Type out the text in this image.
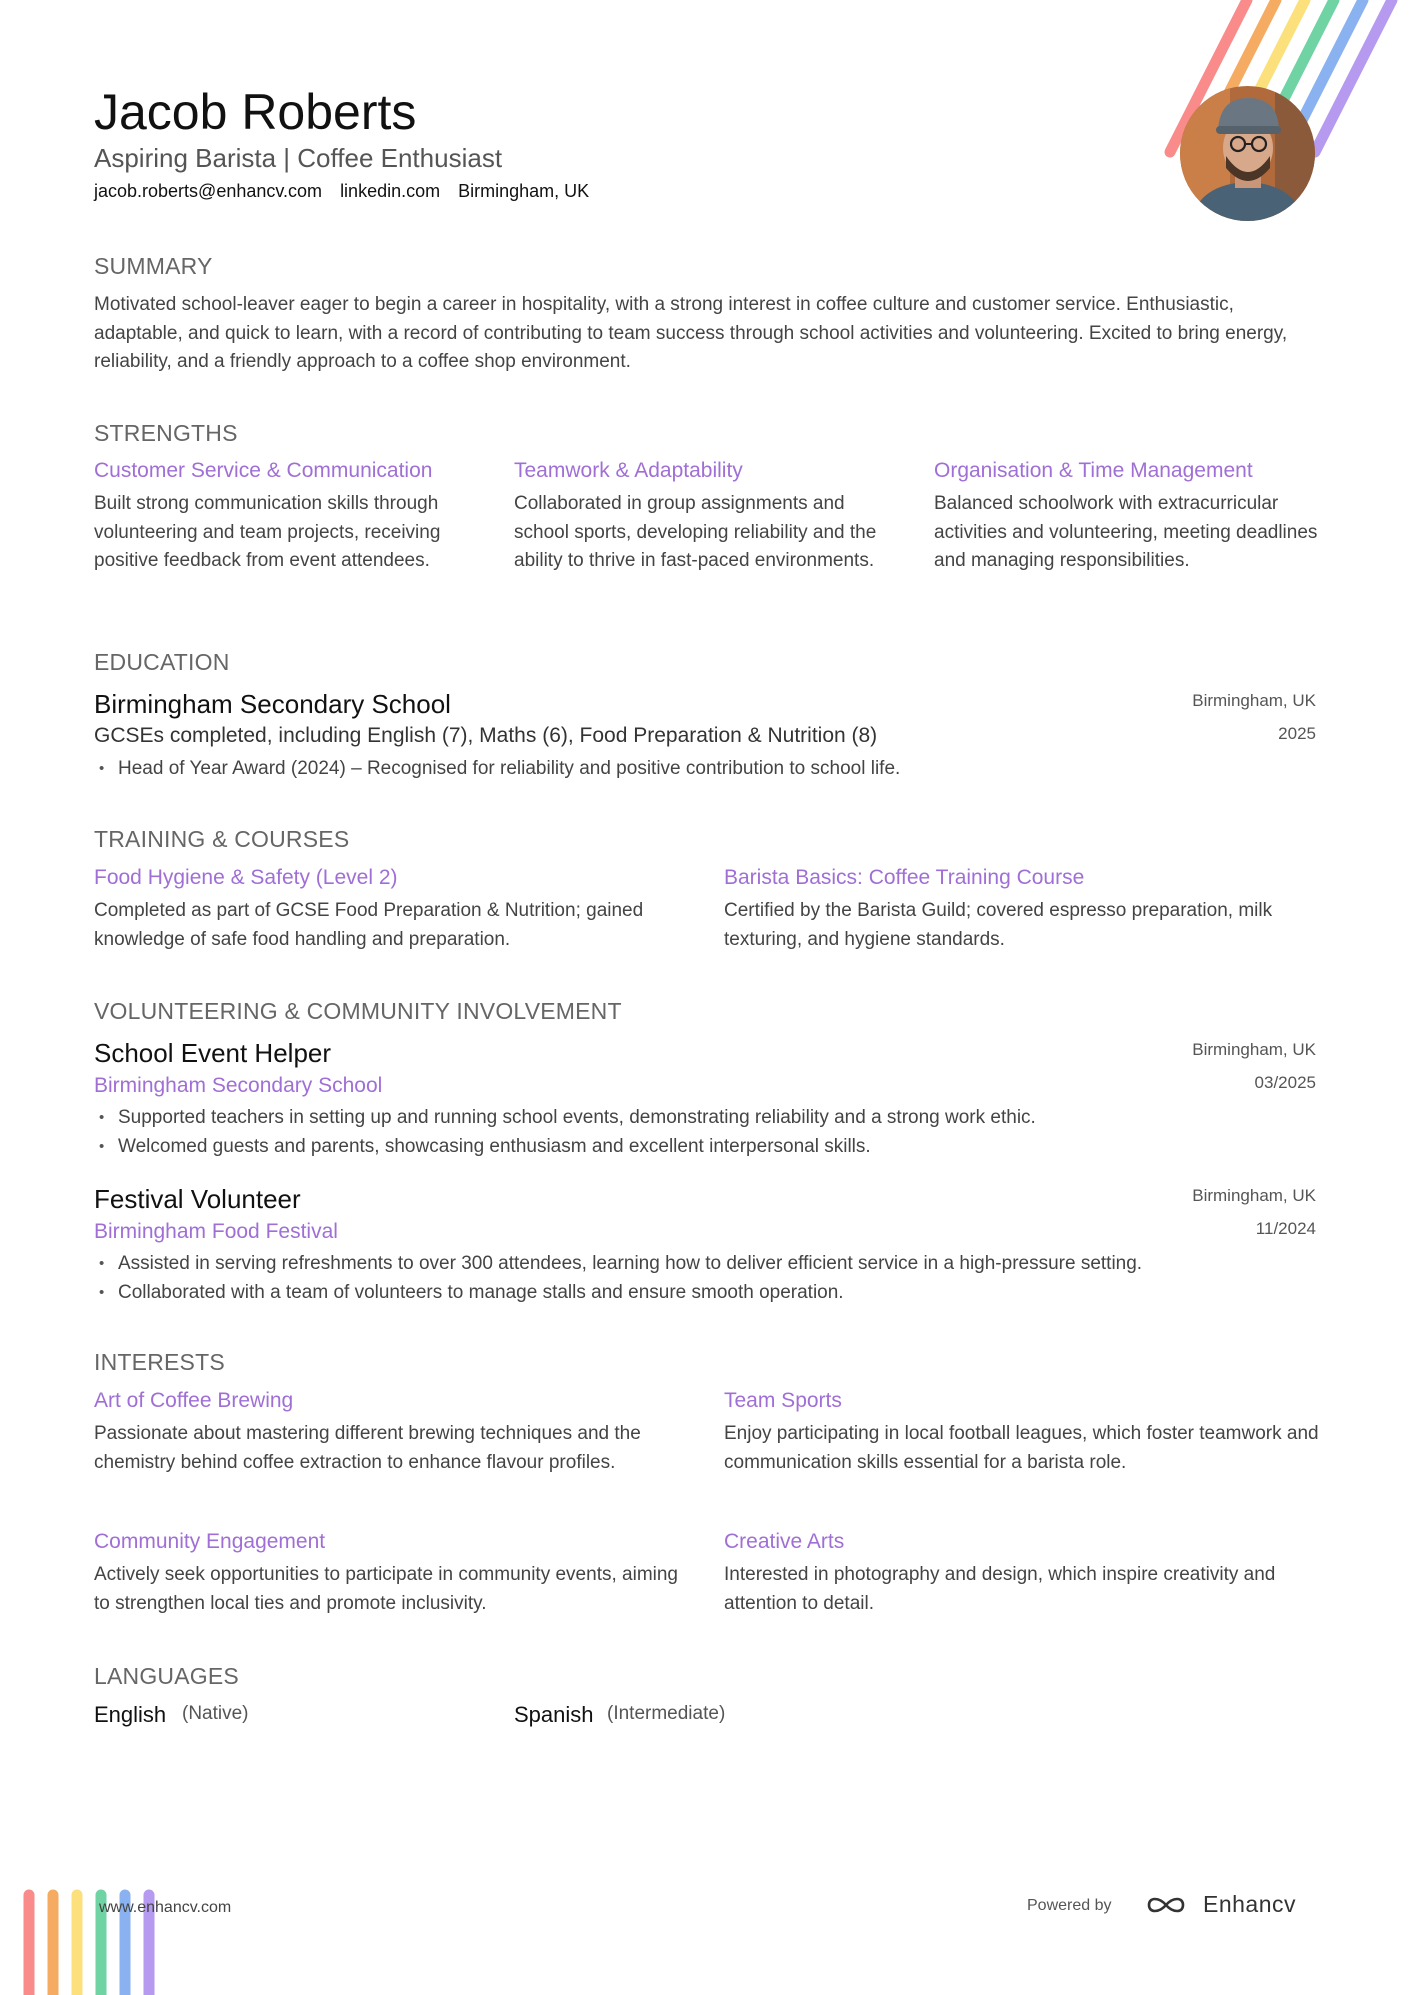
Jacob Roberts
Aspiring Barista | Coffee Enthusiast
jacob.roberts@enhancv.com linkedin.com Birmingham, UK
SUMMARY
Motivated school-leaver eager to begin a career in hospitality, with a strong interest in coffee culture and customer service. Enthusiastic, adaptable, and quick to learn, with a record of contributing to team success through school activities and volunteering. Excited to bring energy, reliability, and a friendly approach to a coffee shop environment.
STRENGTHS
Customer Service & Communication
Built strong communication skills through volunteering and team projects, receiving positive feedback from event attendees.
Teamwork & Adaptability
Collaborated in group assignments and school sports, developing reliability and the ability to thrive in fast-paced environments.
Organisation & Time Management
Balanced schoolwork with extracurricular activities and volunteering, meeting deadlines and managing responsibilities.
EDUCATION
Birmingham Secondary School
GCSEs completed, including English (7), Maths (6), Food Preparation & Nutrition (8)
Birmingham, UK
2025
• Head of Year Award (2024) – Recognised for reliability and positive contribution to school life.
TRAINING & COURSES
Food Hygiene & Safety (Level 2)
Completed as part of GCSE Food Preparation & Nutrition; gained knowledge of safe food handling and preparation.
Barista Basics: Coffee Training Course
Certified by the Barista Guild; covered espresso preparation, milk texturing, and hygiene standards.
VOLUNTEERING & COMMUNITY INVOLVEMENT
School Event Helper
Birmingham Secondary School
Birmingham, UK
03/2025
• Supported teachers in setting up and running school events, demonstrating reliability and a strong work ethic.
• Welcomed guests and parents, showcasing enthusiasm and excellent interpersonal skills.
Festival Volunteer
Birmingham Food Festival
Birmingham, UK
11/2024
• Assisted in serving refreshments to over 300 attendees, learning how to deliver efficient service in a high-pressure setting.
• Collaborated with a team of volunteers to manage stalls and ensure smooth operation.
INTERESTS
Art of Coffee Brewing
Passionate about mastering different brewing techniques and the chemistry behind coffee extraction to enhance flavour profiles.
Team Sports
Enjoy participating in local football leagues, which foster teamwork and communication skills essential for a barista role.
Community Engagement
Actively seek opportunities to participate in community events, aiming to strengthen local ties and promote inclusivity.
Creative Arts
Interested in photography and design, which inspire creativity and attention to detail.
LANGUAGES
English (Native)	Spanish (Intermediate)
www.enhancv.com	Powered by	Enhancv
